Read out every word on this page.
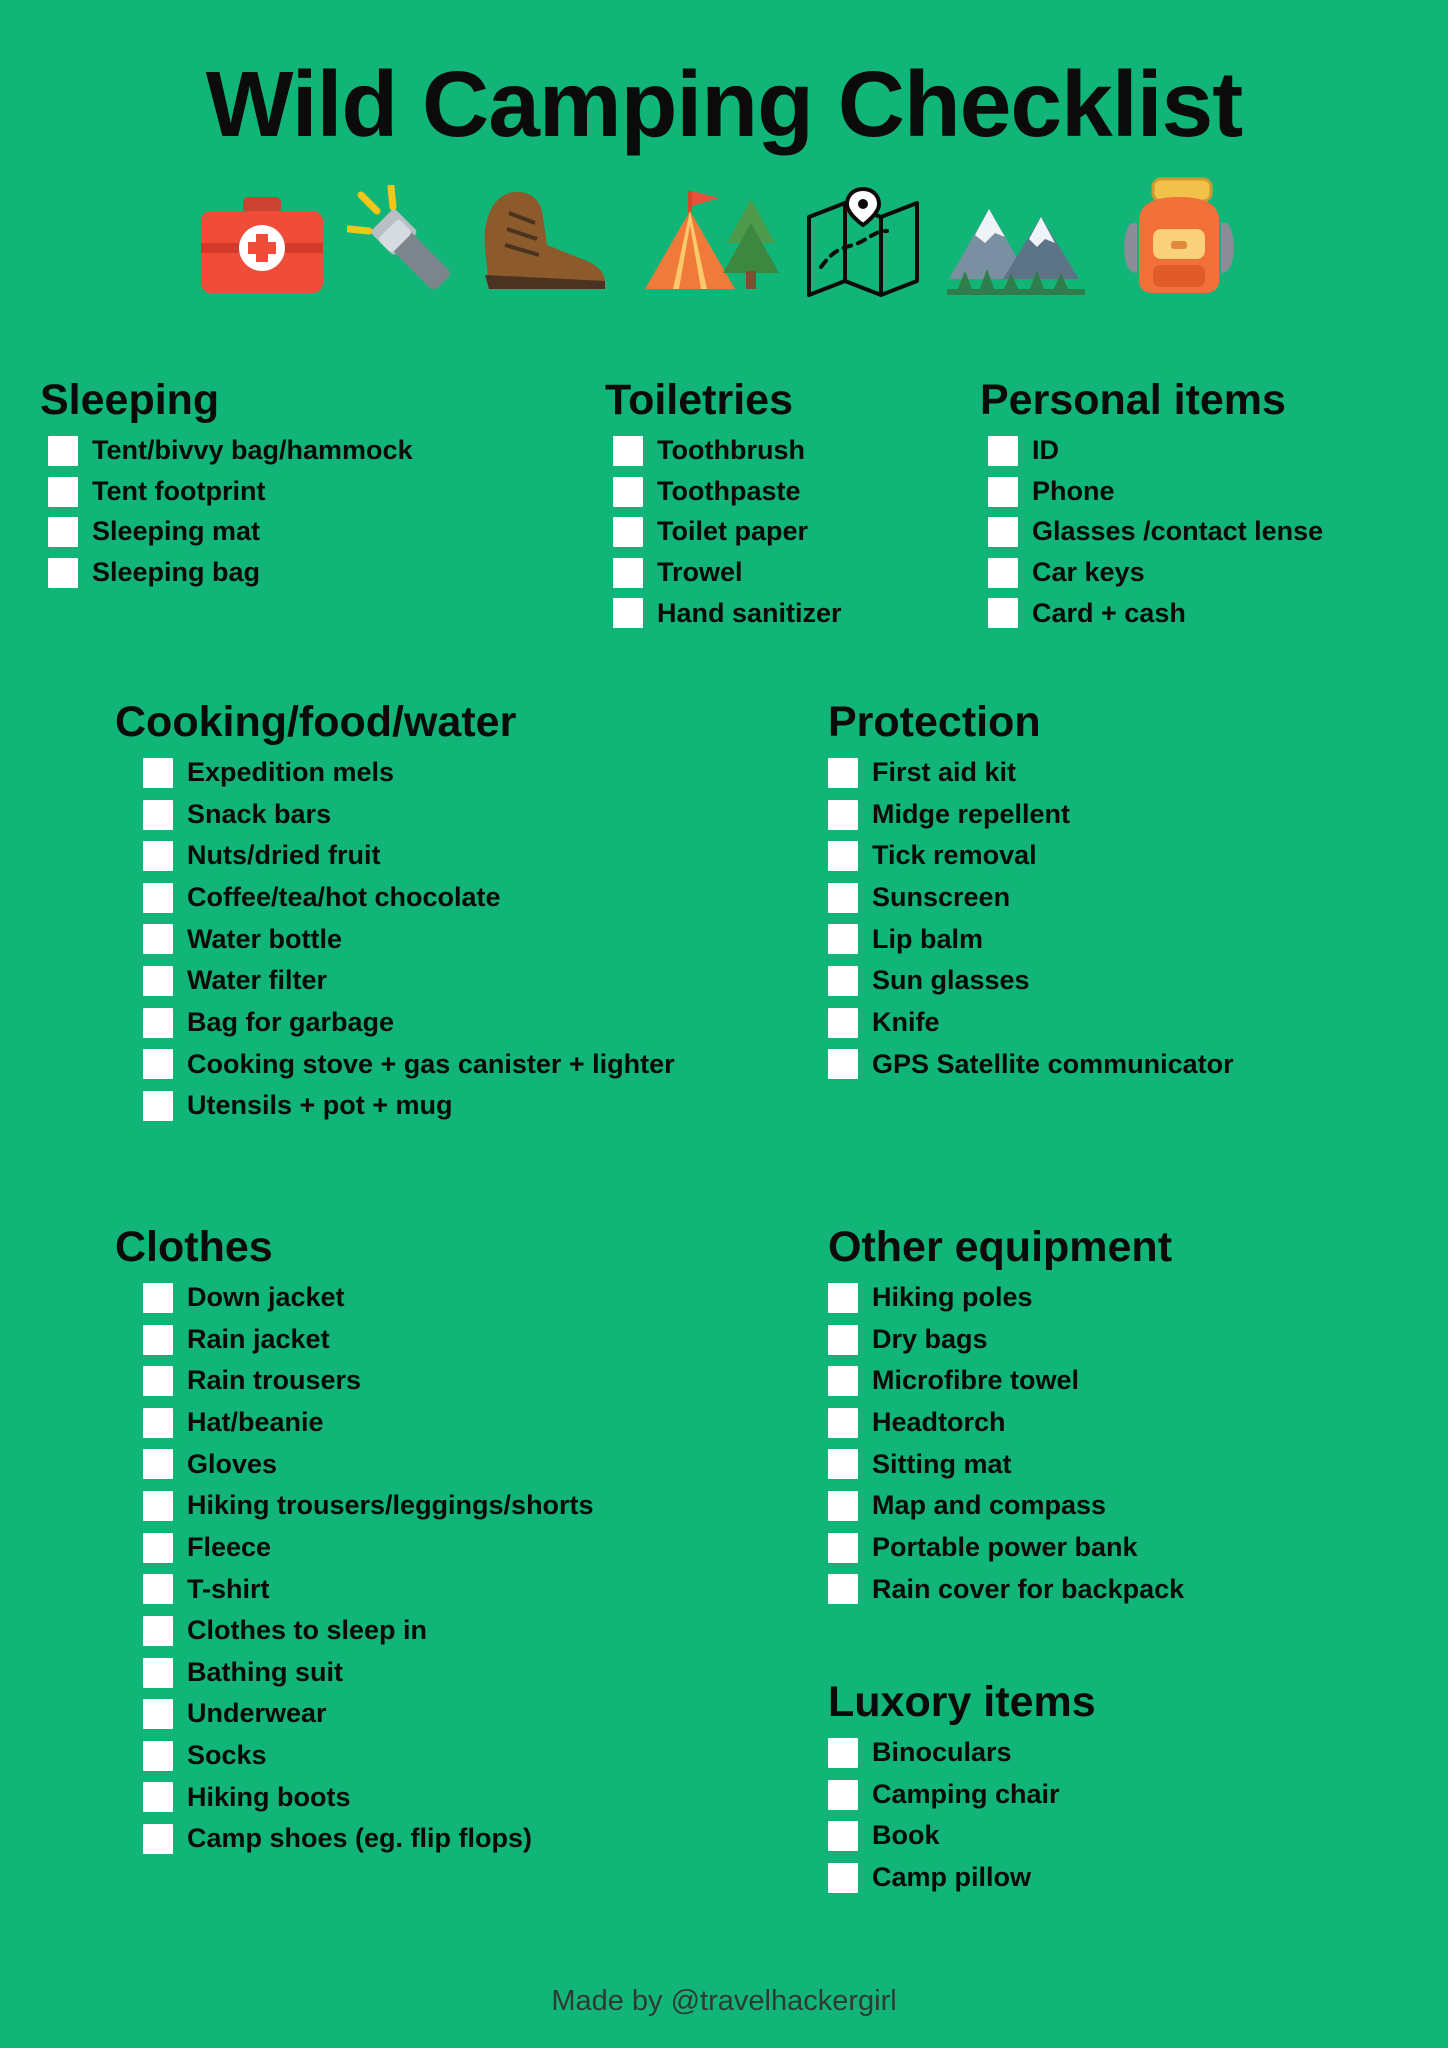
Wild Camping Checklist
Sleeping
Tent/bivvy bag/hammock
Tent footprint
Sleeping mat
Sleeping bag
Toiletries
Toothbrush
Toothpaste
Toilet paper
Trowel
Hand sanitizer
Personal items
ID
Phone
Glasses /contact lense
Car keys
Card + cash
Cooking/food/water
Expedition mels
Snack bars
Nuts/dried fruit
Coffee/tea/hot chocolate
Water bottle
Water filter
Bag for garbage
Cooking stove + gas canister + lighter
Utensils + pot + mug
Protection
First aid kit
Midge repellent
Tick removal
Sunscreen
Lip balm
Sun glasses
Knife
GPS Satellite communicator
Clothes
Down jacket
Rain jacket
Rain trousers
Hat/beanie
Gloves
Hiking trousers/leggings/shorts
Fleece
T-shirt
Clothes to sleep in
Bathing suit
Underwear
Socks
Hiking boots
Camp shoes (eg. flip flops)
Other equipment
Hiking poles
Dry bags
Microfibre towel
Headtorch
Sitting mat
Map and compass
Portable power bank
Rain cover for backpack
Luxory items
Binoculars
Camping chair
Book
Camp pillow
Made by @travelhackergirl
